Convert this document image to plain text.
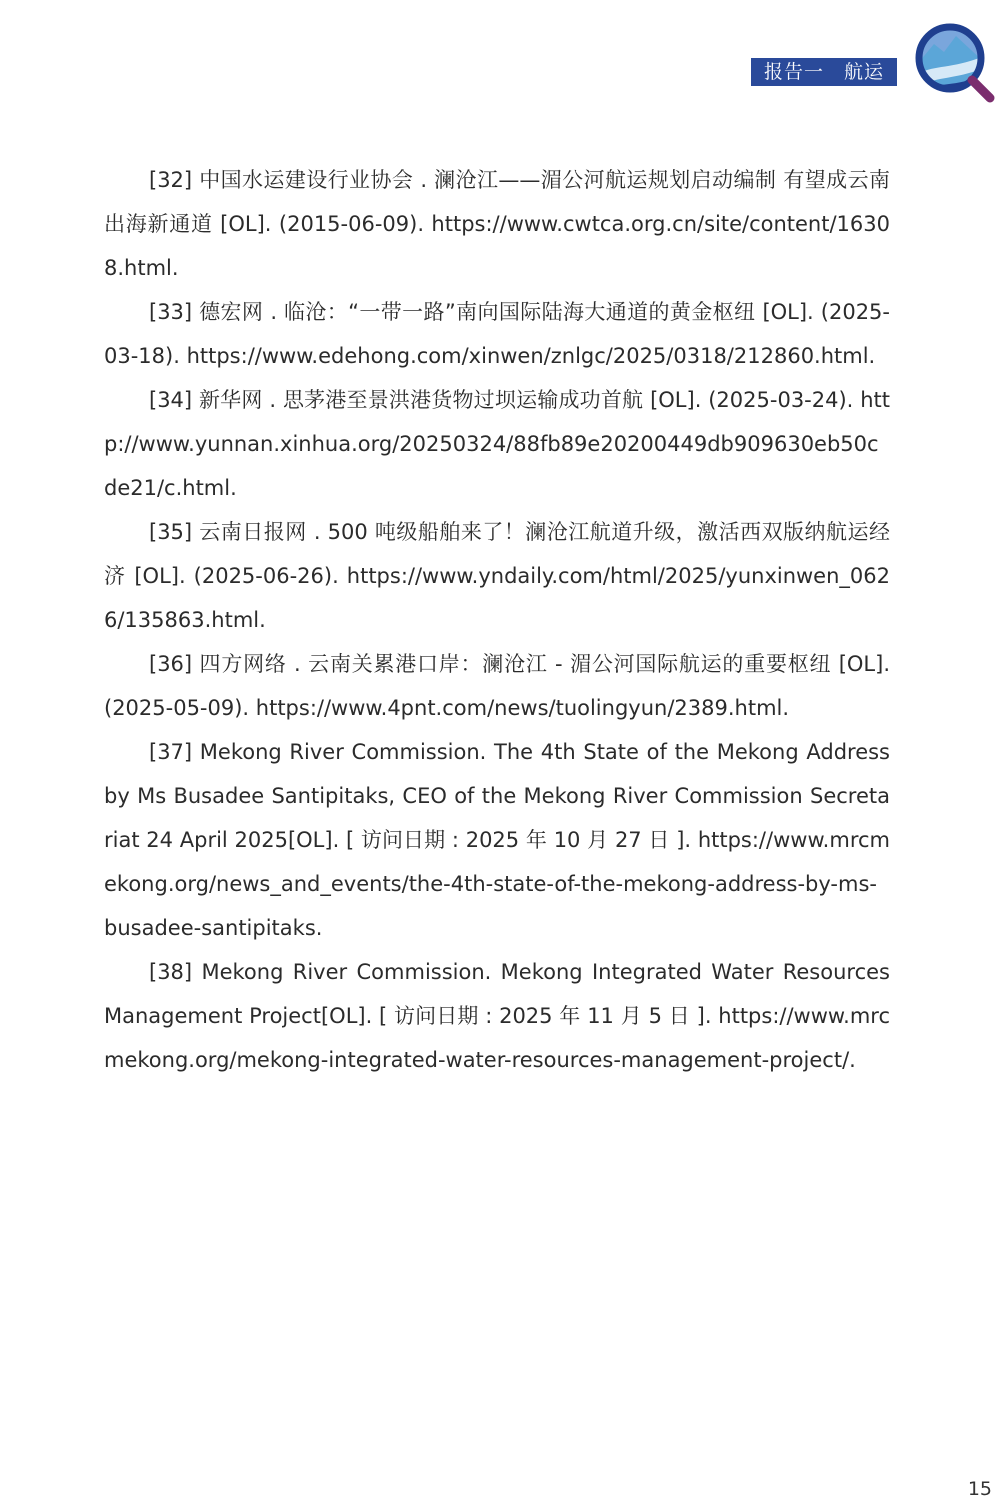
报告一　航运

[32] 中国水运建设行业协会 . 澜沧江——湄公河航运规划启动编制 有望成云南出海新通道 [OL]. (2015-06-09). https://www.cwtca.org.cn/site/content/16308.html.

[33] 德宏网 . 临沧：“一带一路”南向国际陆海大通道的黄金枢纽 [OL]. (2025-03-18). https://www.edehong.com/xinwen/znlgc/2025/0318/212860.html.

[34] 新华网 . 思茅港至景洪港货物过坝运输成功首航 [OL]. (2025-03-24). http://www.yunnan.xinhua.org/20250324/88fb89e20200449db909630eb50cde21/c.html.

[35] 云南日报网 . 500 吨级船舶来了！澜沧江航道升级，激活西双版纳航运经济 [OL]. (2025-06-26). https://www.yndaily.com/html/2025/yunxinwen_0626/135863.html.

[36] 四方网络 . 云南关累港口岸：澜沧江 - 湄公河国际航运的重要枢纽 [OL]. (2025-05-09). https://www.4pnt.com/news/tuolingyun/2389.html.

[37] Mekong River Commission. The 4th State of the Mekong Address by Ms Busadee Santipitaks, CEO of the Mekong River Commission Secretariat 24 April 2025[OL]. [ 访问日期 : 2025 年 10 月 27 日 ]. https://www.mrcmekong.org/news_and_events/the-4th-state-of-the-mekong-address-by-ms-busadee-santipitaks.

[38] Mekong River Commission. Mekong Integrated Water Resources Management Project[OL]. [ 访问日期 : 2025 年 11 月 5 日 ]. https://www.mrcmekong.org/mekong-integrated-water-resources-management-project/.

15
